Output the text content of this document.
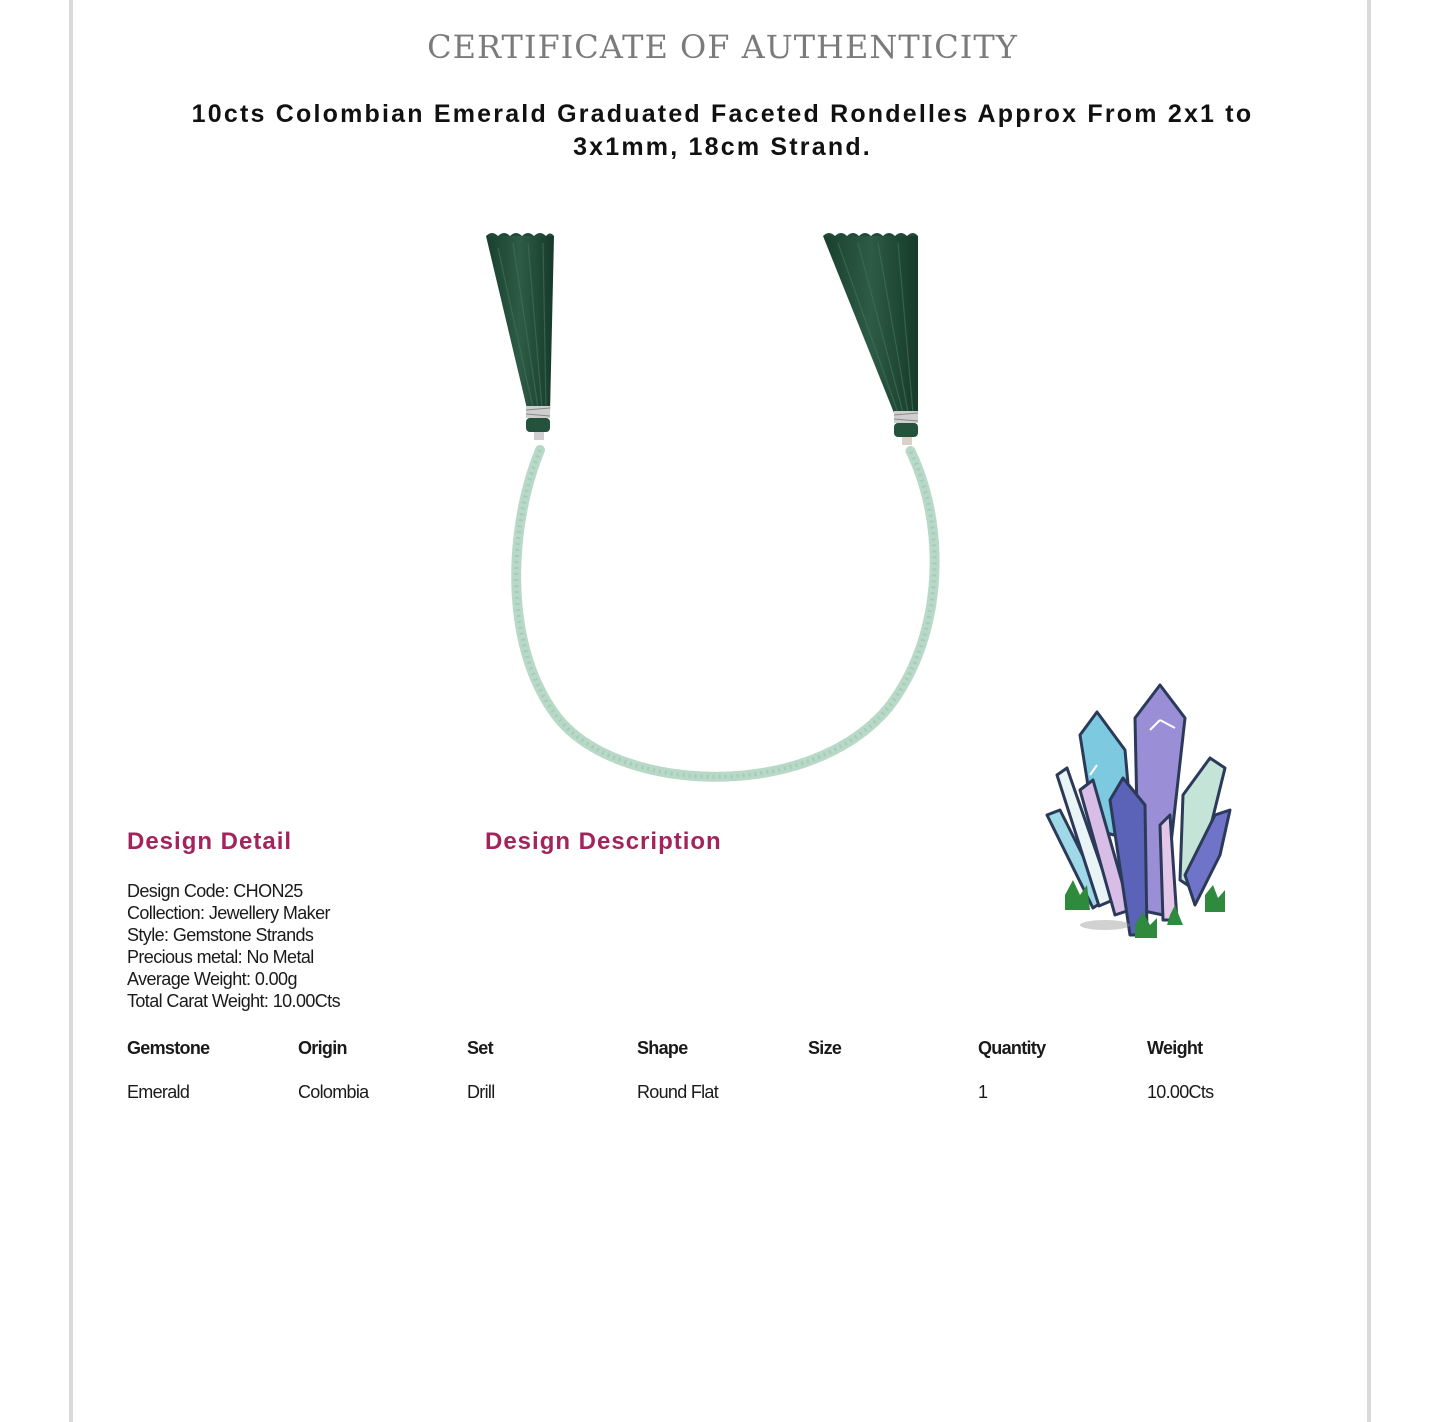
CERTIFICATE OF AUTHENTICITY
10cts Colombian Emerald Graduated Faceted Rondelles Approx From 2x1 to 3x1mm, 18cm Strand.
Design Detail	Design Description
Design Code: CHON25
Collection: Jewellery Maker
Style: Gemstone Strands
Precious metal: No Metal
Average Weight: 0.00g
Total Carat Weight: 10.00Cts
Gemstone	Origin	Set	Shape	Size	Quantity	Weight
Emerald	Colombia	Drill	Round Flat		1	10.00Cts
